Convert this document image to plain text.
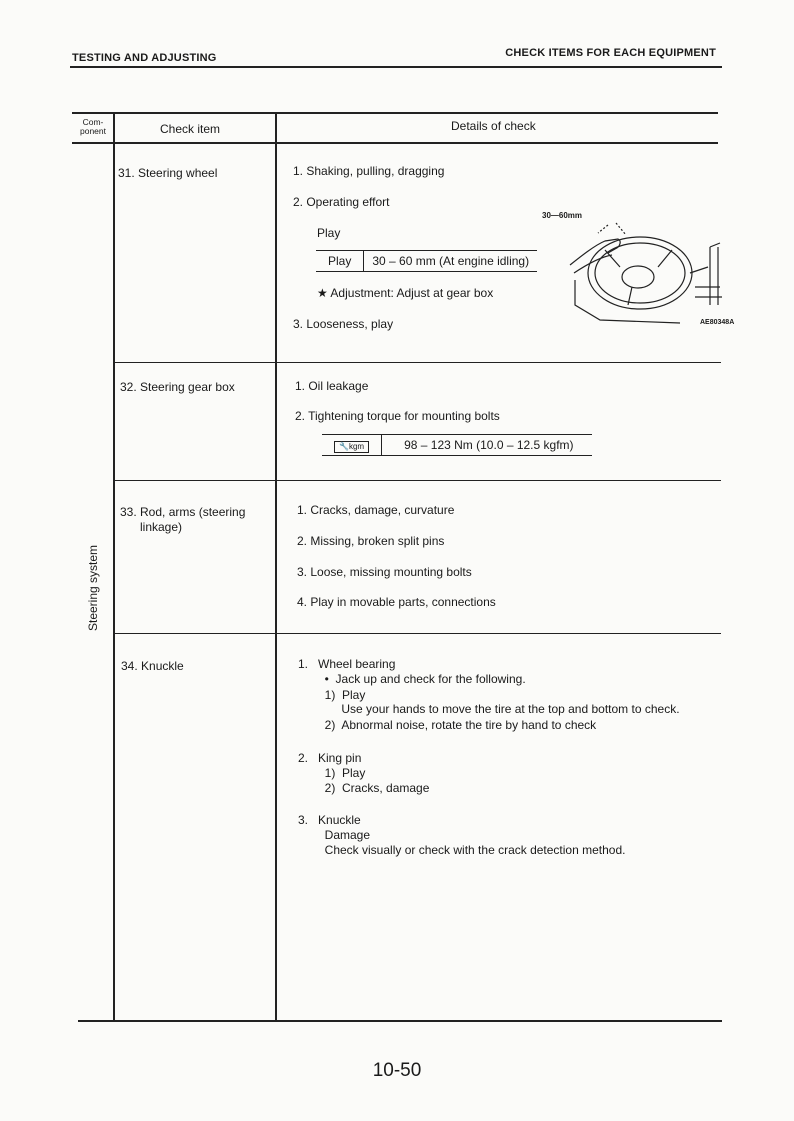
TESTING AND ADJUSTING	CHECK ITEMS FOR EACH EQUIPMENT
Com-
ponent	Check item	Details of check
Steering system
31. Steering wheel	1. Shaking, pulling, dragging
2. Operating effort
Play
Play	30 – 60 mm (At engine idling)
★ Adjustment: Adjust at gear box
3. Looseness, play
30—60mm
AE80348A
32. Steering gear box	1. Oil leakage
2. Tightening torque for mounting bolts
🔧kgm	98 – 123 Nm (10.0 – 12.5 kgfm)
33. Rod, arms (steering
linkage)
1. Cracks, damage, curvature
2. Missing, broken split pins
3. Loose, missing mounting bolts
4. Play in movable parts, connections
34. Knuckle	1.   Wheel bearing
•  Jack up and check for the following.
1)  Play
Use your hands to move the tire at the top and bottom to check.
2)  Abnormal noise, rotate the tire by hand to check
2.   King pin
1)  Play
2)  Cracks, damage
3.   Knuckle
Damage
Check visually or check with the crack detection method.
10-50
